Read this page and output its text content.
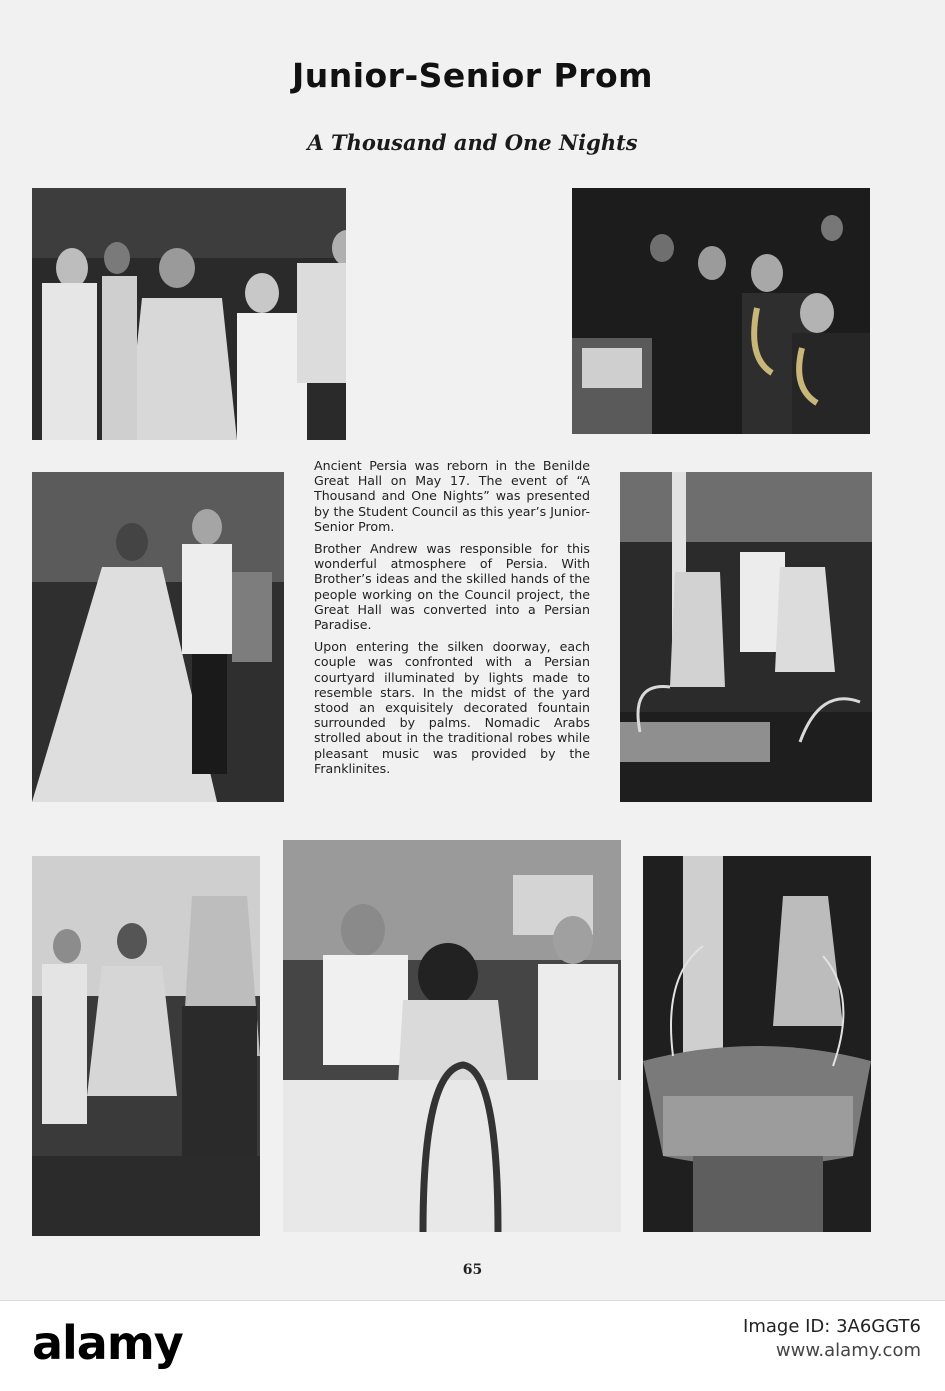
Junior-Senior Prom
A Thousand and One Nights

Ancient Persia was reborn in the Benilde Great Hall on May 17. The event of “A Thousand and One Nights” was presented by the Student Council as this year’s Junior-Senior Prom.

Brother Andrew was responsible for this wonderful atmosphere of Persia. With Brother’s ideas and the skilled hands of the people working on the Council project, the Great Hall was converted into a Persian Paradise.

Upon entering the silken doorway, each couple was confronted with a Persian courtyard illuminated by lights made to resemble stars. In the midst of the yard stood an exquisitely decorated fountain surrounded by palms. Nomadic Arabs strolled about in the traditional robes while pleasant music was provided by the Franklinites.

65
alamy	Image ID: 3A6GGT6
www.alamy.com
